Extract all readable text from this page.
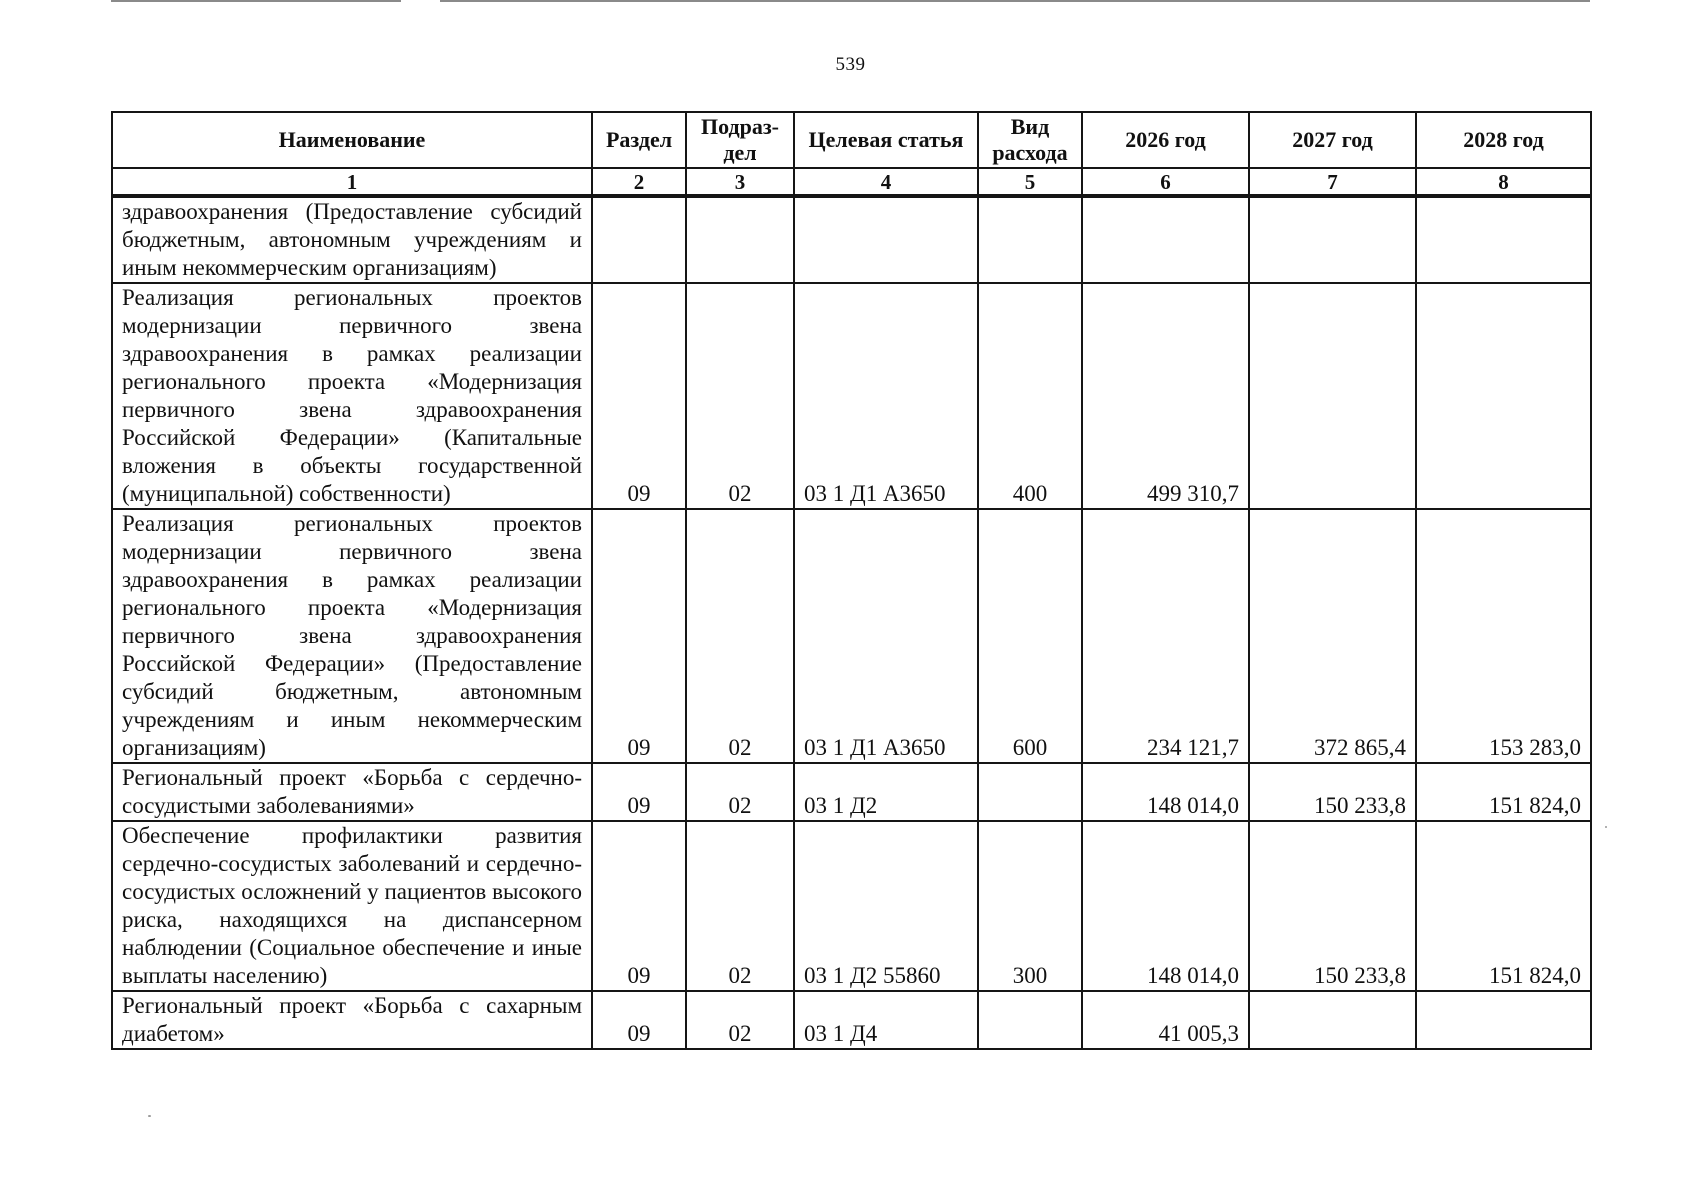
539
Наименование	Раздел	Подраз-дел	Целевая статья	Вид расхода	2026 год	2027 год	2028 год
1	2	3	4	5	6	7	8
здравоохранения (Предоставление субсидий бюджетным, автономным учреждениям и иным некоммерческим организациям)							
Реализация региональных проектов модернизации первичного звена здравоохранения в рамках реализации регионального проекта «Модернизация первичного звена здравоохранения Российской Федерации» (Капитальные вложения в объекты государственной (муниципальной) собственности)	09	02	03 1 Д1 А3650	400	499 310,7		
Реализация региональных проектов модернизации первичного звена здравоохранения в рамках реализации регионального проекта «Модернизация первичного звена здравоохранения Российской Федерации» (Предоставление субсидий бюджетным, автономным учреждениям и иным некоммерческим организациям)	09	02	03 1 Д1 А3650	600	234 121,7	372 865,4	153 283,0
Региональный проект «Борьба с сердечно-сосудистыми заболеваниями»	09	02	03 1 Д2		148 014,0	150 233,8	151 824,0
Обеспечение профилактики развития сердечно-сосудистых заболеваний и сердечно-сосудистых осложнений у пациентов высокого риска, находящихся на диспансерном наблюдении (Социальное обеспечение и иные выплаты населению)	09	02	03 1 Д2 55860	300	148 014,0	150 233,8	151 824,0
Региональный проект «Борьба с сахарным диабетом»	09	02	03 1 Д4		41 005,3		
